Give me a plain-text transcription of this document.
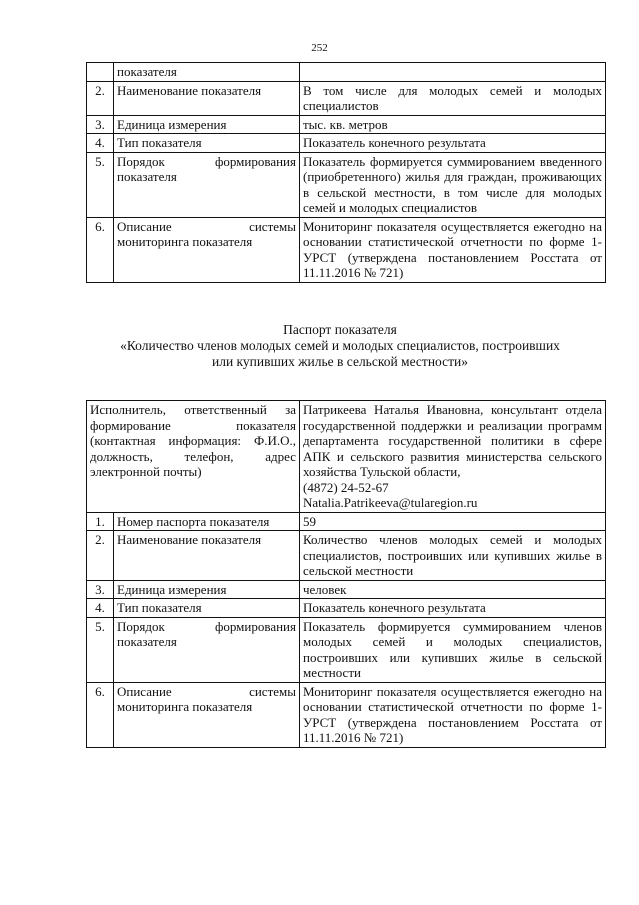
252
	показателя	
2.	Наименование показателя	В том числе для молодых семей и молодых специалистов
3.	Единица измерения	тыс. кв. метров
4.	Тип показателя	Показатель конечного результата
5.	Порядок формирования показателя	Показатель формируется суммированием введенного (приобретенного) жилья для граждан, проживающих в сельской местности, в том числе для молодых семей и молодых специалистов
6.	Описание системы мониторинга показателя	Мониторинг показателя осуществляется ежегодно на основании статистической отчетности по форме 1-УРСТ (утверждена постановлением Росстата от 11.11.2016 № 721)
Паспорт показателя
«Количество членов молодых семей и молодых специалистов, построивших
или купивших жилье в сельской местности»
Исполнитель, ответственный за формирование показателя (контактная информация: Ф.И.О., должность, телефон, адрес электронной почты)		Патрикеева Наталья Ивановна, консультант отдела государственной поддержки и реализации программ департамента государственной политики в сфере АПК и сельского развития министерства сельского хозяйства Тульской области,
(4872) 24-52-67
Natalia.Patrikeeva@tularegion.ru

1.	Номер паспорта показателя	59
2.	Наименование показателя	Количество членов молодых семей и молодых специалистов, построивших или купивших жилье в сельской местности
3.	Единица измерения	человек
4.	Тип показателя	Показатель конечного результата
5.	Порядок формирования показателя	Показатель формируется суммированием членов молодых семей и молодых специалистов, построивших или купивших жилье в сельской местности
6.	Описание системы мониторинга показателя	Мониторинг показателя осуществляется ежегодно на основании статистической отчетности по форме 1-УРСТ (утверждена постановлением Росстата от 11.11.2016 № 721)
